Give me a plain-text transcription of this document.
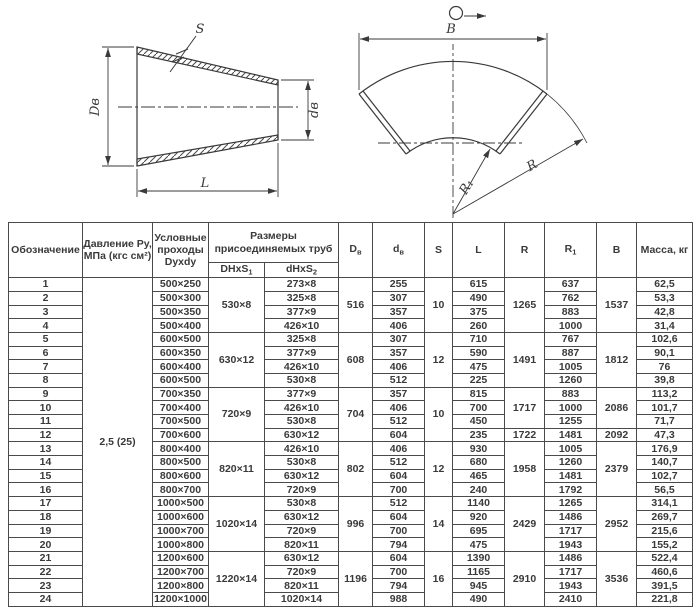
S
Dв	dв
L
B
R
R₁
Обозначение	Давление Ру,
МПа (кгс см²)	Условные
проходы
Dyxdy	Размеры
присоединяемых труб		$D_в$	$d_в$	S	L	R	$R_1$	B	Масса, кг
			DHxS$_1$	dHxS$_2$
1	2,5 (25)	500×250	530×8	273×8	516	255	10	615	1265	637	1537	62,5
2		500×300		325×8		307		490		762		53,3
3		500×350		377×9		357		375		883		42,8
4		500×400		426×10		406		260		1000		31,4
5		600×500	630×12	325×8	608	307	12	710	1491	767	1812	102,6
6		600×350		377×9		357		590		887		90,1
7		600×400		426×10		406		475		1005		76
8		600×500		530×8		512		225		1260		39,8
9		700×350	720×9	377×9	704	357	10	815	1717	883	2086	113,2
10		700×400		426×10		406		700		1000		101,7
11		700×500		530×8		512		450		1255		71,7
12		700×600		630×12		604		235	1722	1481	2092	47,3
13		800×400	820×11	426×10	802	406	12	930	1958	1005	2379	176,9
14		800×500		530×8		512		680		1260		140,7
15		800×600		630×12		604		465		1481		102,7
16		800×700		720×9		700		240		1792		56,5
17		1000×500	1020×14	530×8	996	512	14	1140	2429	1265	2952	314,1
18		1000×600		630×12		604		920		1486		269,7
19		1000×700		720×9		700		695		1717		215,6
20		1000×800		820×11		794		475		1943		155,2
21		1200×600	1220×14	630×12	1196	604	16	1390	2910	1486	3536	522,4
22		1200×700		720×9		700		1165		1717		460,6
23		1200×800		820×11		794		945		1943		391,5
24		1200×1000		1020×14		988		490		2410		221,8
